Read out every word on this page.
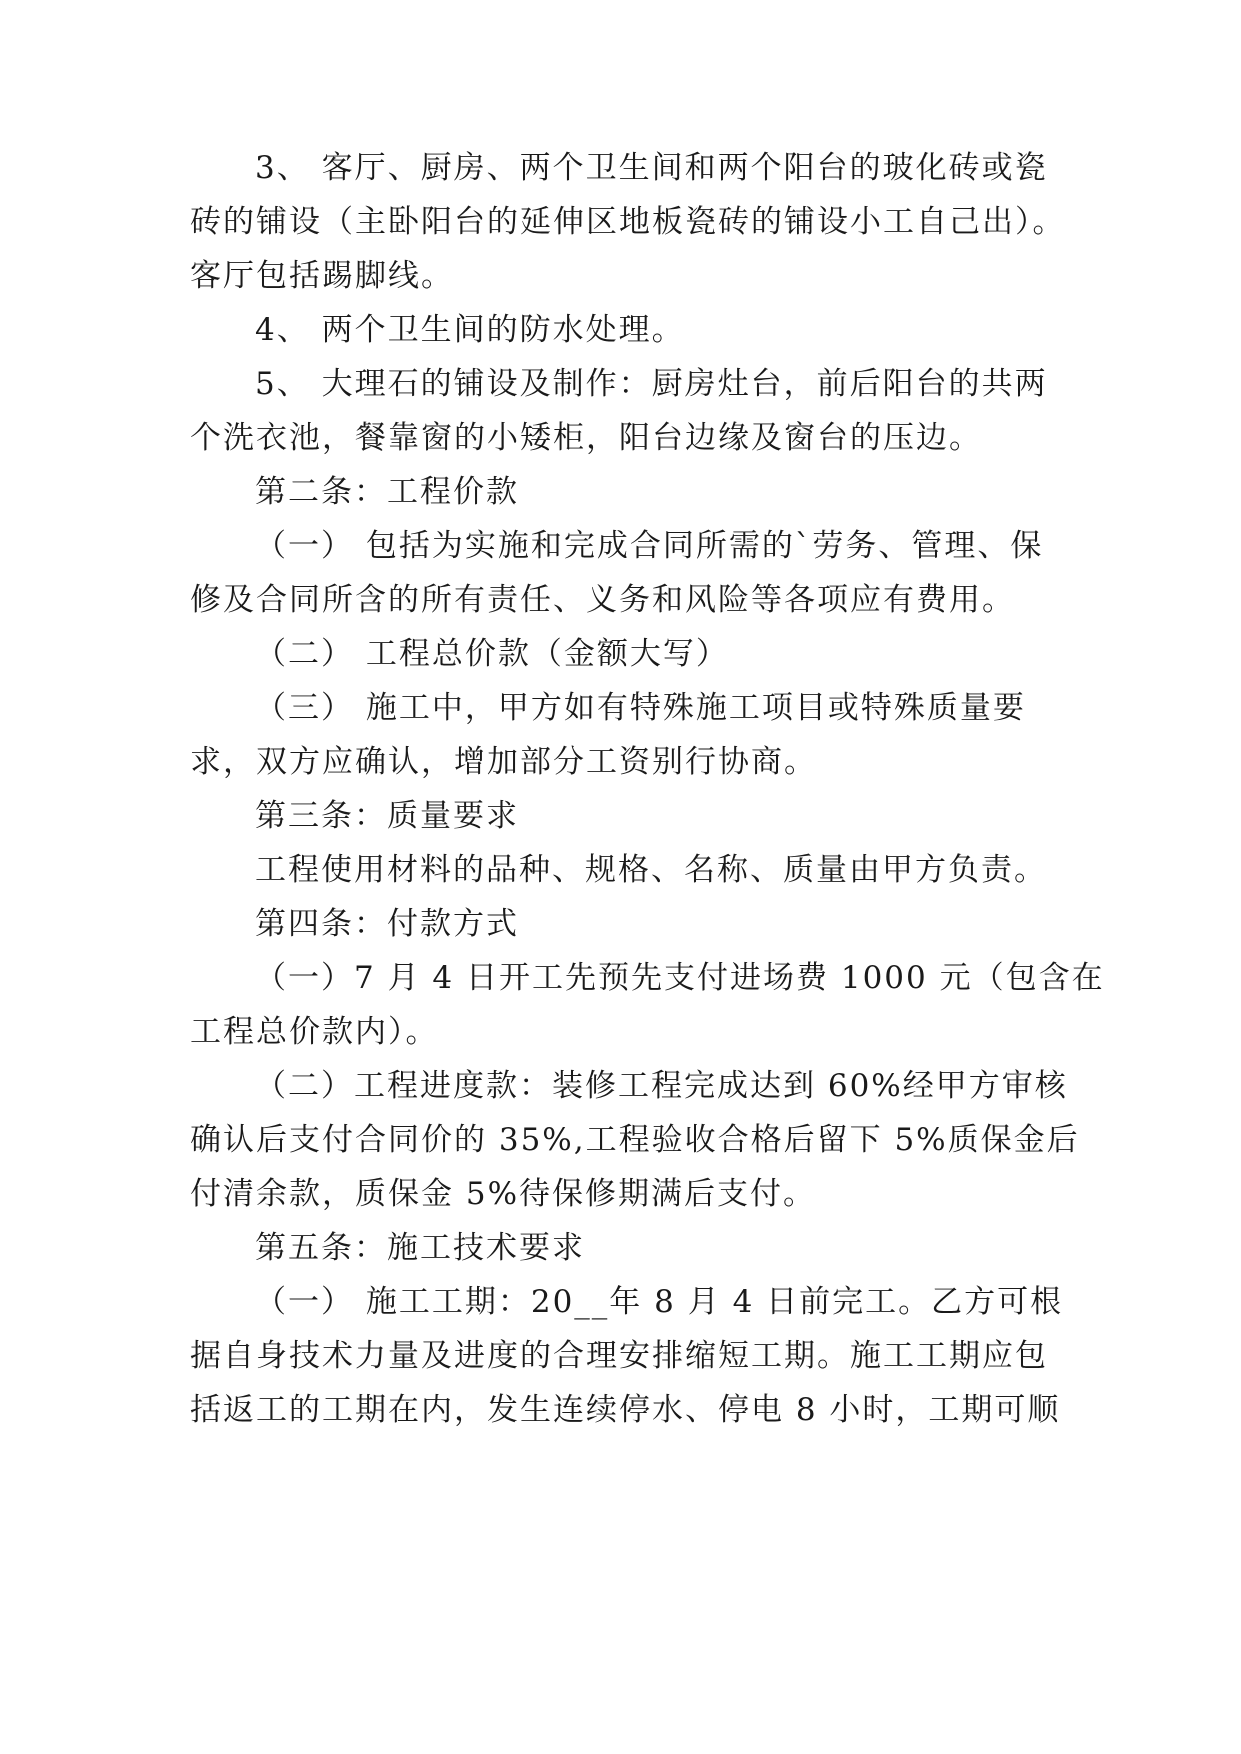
3、 客厅、厨房、两个卫生间和两个阳台的玻化砖或瓷
砖的铺设（主卧阳台的延伸区地板瓷砖的铺设小工自己出）。
客厅包括踢脚线。
4、 两个卫生间的防水处理。
5、 大理石的铺设及制作：厨房灶台，前后阳台的共两
个洗衣池，餐靠窗的小矮柜，阳台边缘及窗台的压边。
第二条：工程价款
（一） 包括为实施和完成合同所需的`劳务、管理、保
修及合同所含的所有责任、义务和风险等各项应有费用。
（二） 工程总价款（金额大写）
（三） 施工中，甲方如有特殊施工项目或特殊质量要
求，双方应确认，增加部分工资别行协商。
第三条：质量要求
工程使用材料的品种、规格、名称、质量由甲方负责。
第四条：付款方式
（一）7 月 4 日开工先预先支付进场费 1000 元（包含在
工程总价款内）。
（二）工程进度款：装修工程完成达到 60%经甲方审核
确认后支付合同价的 35%,工程验收合格后留下 5%质保金后
付清余款，质保金 5%待保修期满后支付。
第五条：施工技术要求
（一） 施工工期：20__年 8 月 4 日前完工。乙方可根
据自身技术力量及进度的合理安排缩短工期。施工工期应包
括返工的工期在内，发生连续停水、停电 8 小时，工期可顺
